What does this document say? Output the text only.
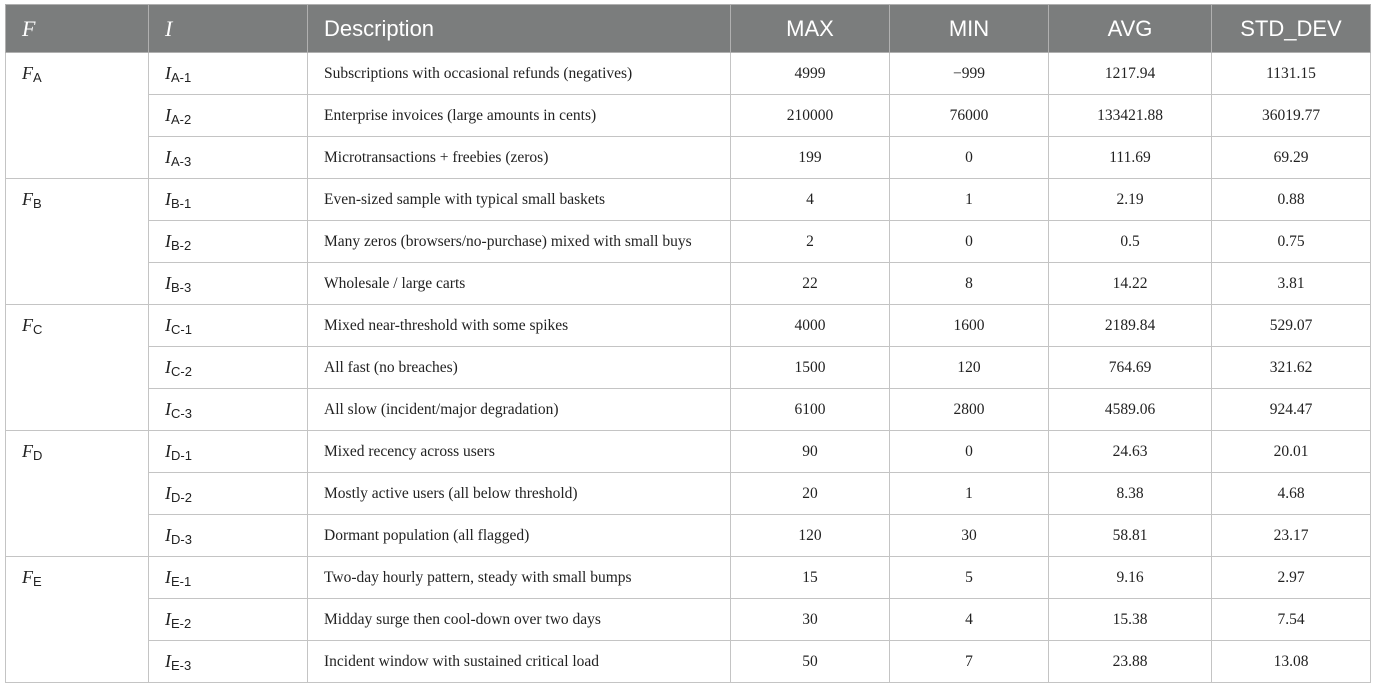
F	I	Description	MAX	MIN	AVG	STD_DEV
$F_A$	$I_{A-1}$	Subscriptions with occasional refunds (negatives)	4999	−999	1217.94	1131.15
	$I_{A-2}$	Enterprise invoices (large amounts in cents)	210000	76000	133421.88	36019.77
	$I_{A-3}$	Microtransactions + freebies (zeros)	199	0	111.69	69.29
$F_B$	$I_{B-1}$	Even-sized sample with typical small baskets	4	1	2.19	0.88
	$I_{B-2}$	Many zeros (browsers/no-purchase) mixed with small buys	2	0	0.5	0.75
	$I_{B-3}$	Wholesale / large carts	22	8	14.22	3.81
$F_C$	$I_{C-1}$	Mixed near-threshold with some spikes	4000	1600	2189.84	529.07
	$I_{C-2}$	All fast (no breaches)	1500	120	764.69	321.62
	$I_{C-3}$	All slow (incident/major degradation)	6100	2800	4589.06	924.47
$F_D$	$I_{D-1}$	Mixed recency across users	90	0	24.63	20.01
	$I_{D-2}$	Mostly active users (all below threshold)	20	1	8.38	4.68
	$I_{D-3}$	Dormant population (all flagged)	120	30	58.81	23.17
$F_E$	$I_{E-1}$	Two-day hourly pattern, steady with small bumps	15	5	9.16	2.97
	$I_{E-2}$	Midday surge then cool-down over two days	30	4	15.38	7.54
	$I_{E-3}$	Incident window with sustained critical load	50	7	23.88	13.08
